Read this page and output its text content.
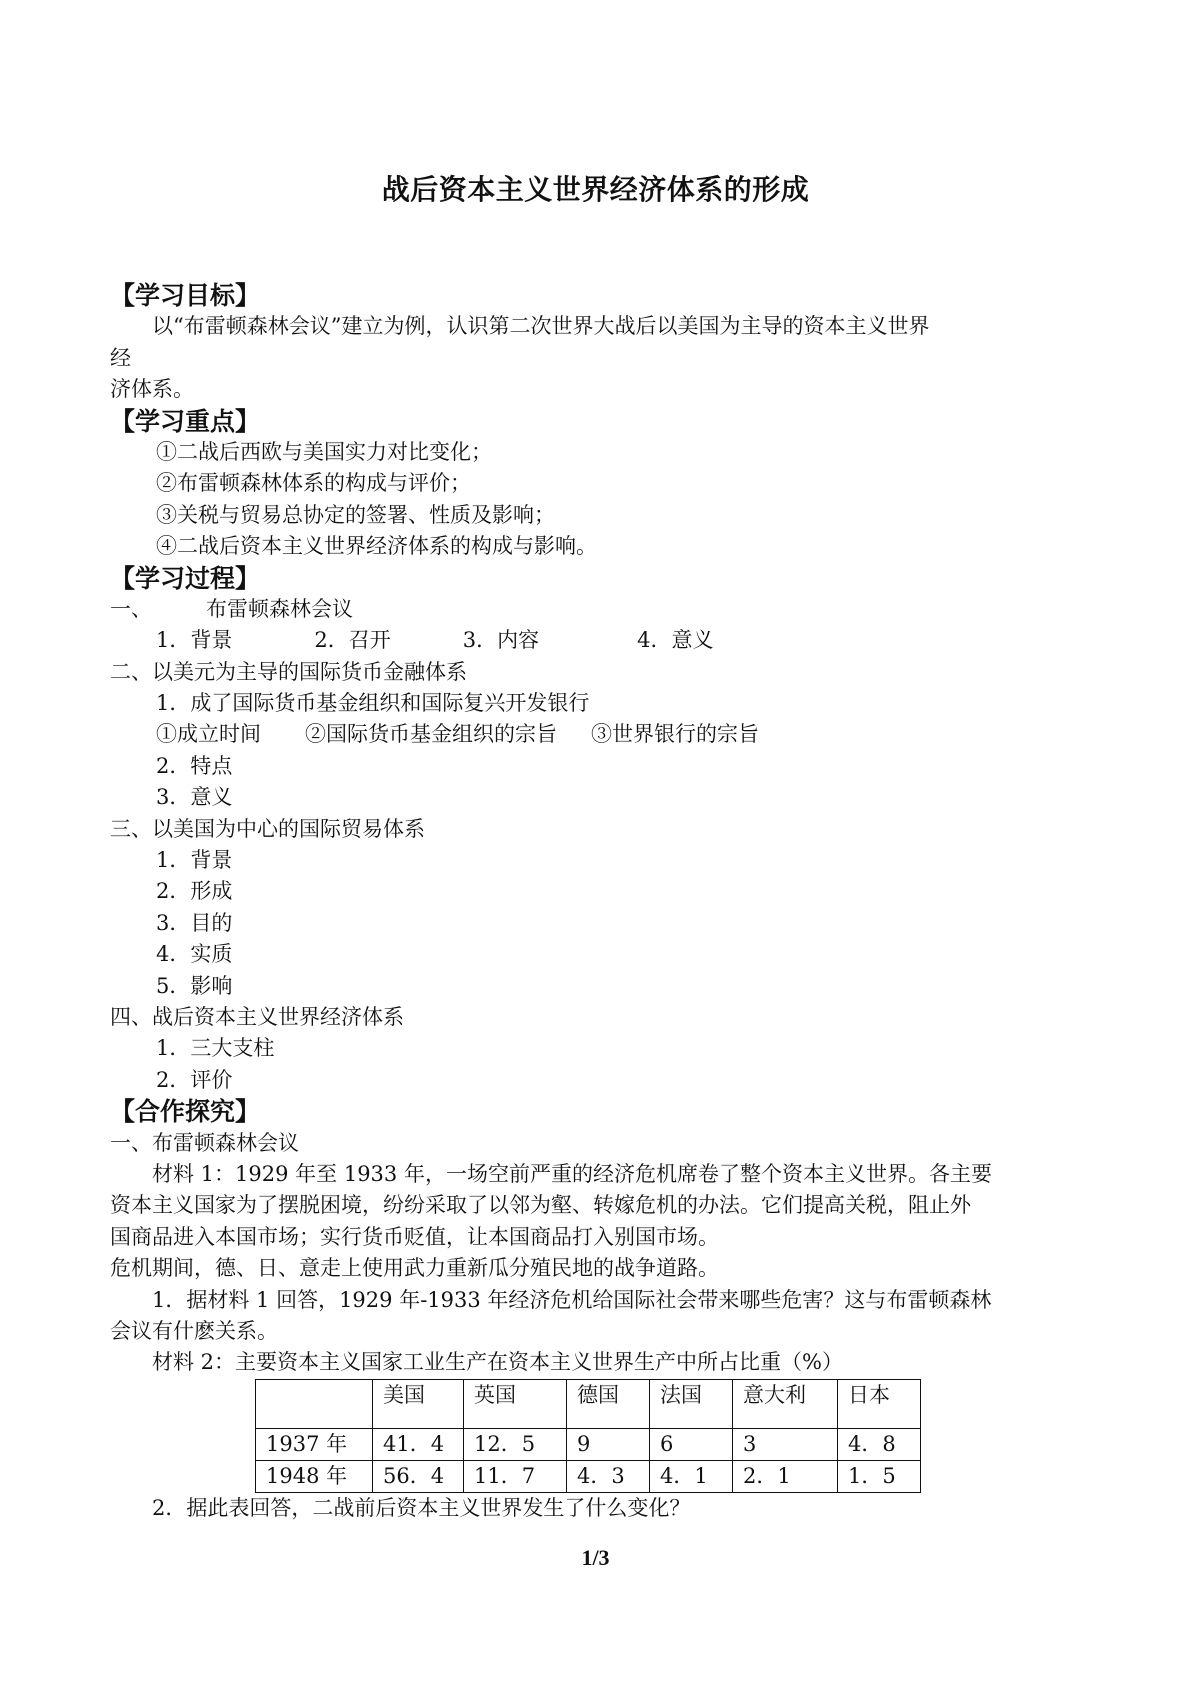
战后资本主义世界经济体系的形成
【学习目标】
以“布雷顿森林会议”建立为例，认识第二次世界大战后以美国为主导的资本主义世界
经
济体系。
【学习重点】
①二战后西欧与美国实力对比变化；
②布雷顿森林体系的构成与评价；
③关税与贸易总协定的签署、性质及影响；
④二战后资本主义世界经济体系的构成与影响。
【学习过程】
一、	布雷顿森林会议
1．背景	2．召开	3．内容	4．意义
二、以美元为主导的国际货币金融体系
1．成了国际货币基金组织和国际复兴开发银行
①成立时间 ②国际货币基金组织的宗旨 ③世界银行的宗旨
2．特点
3．意义
三、以美国为中心的国际贸易体系
1．背景
2．形成
3．目的
4．实质
5．影响
四、战后资本主义世界经济体系
1．三大支柱
2．评价
【合作探究】
一、布雷顿森林会议
材料 1：1929 年至 1933 年，一场空前严重的经济危机席卷了整个资本主义世界。各主要
资本主义国家为了摆脱困境，纷纷采取了以邻为壑、转嫁危机的办法。它们提高关税，阻止外
国商品进入本国市场；实行货币贬值，让本国商品打入别国市场。
危机期间，德、日、意走上使用武力重新瓜分殖民地的战争道路。
1．据材料 1 回答，1929 年-1933 年经济危机给国际社会带来哪些危害？这与布雷顿森林
会议有什麽关系。
材料 2：主要资本主义国家工业生产在资本主义世界生产中所占比重（%）
	美国	英国	德国	法国	意大利	日本
1937 年	41．4	12．5	9	6	3	4．8
1948 年	56．4	11．7	4．3	4．1	2．1	1．5
2．据此表回答，二战前后资本主义世界发生了什么变化？
1/3
